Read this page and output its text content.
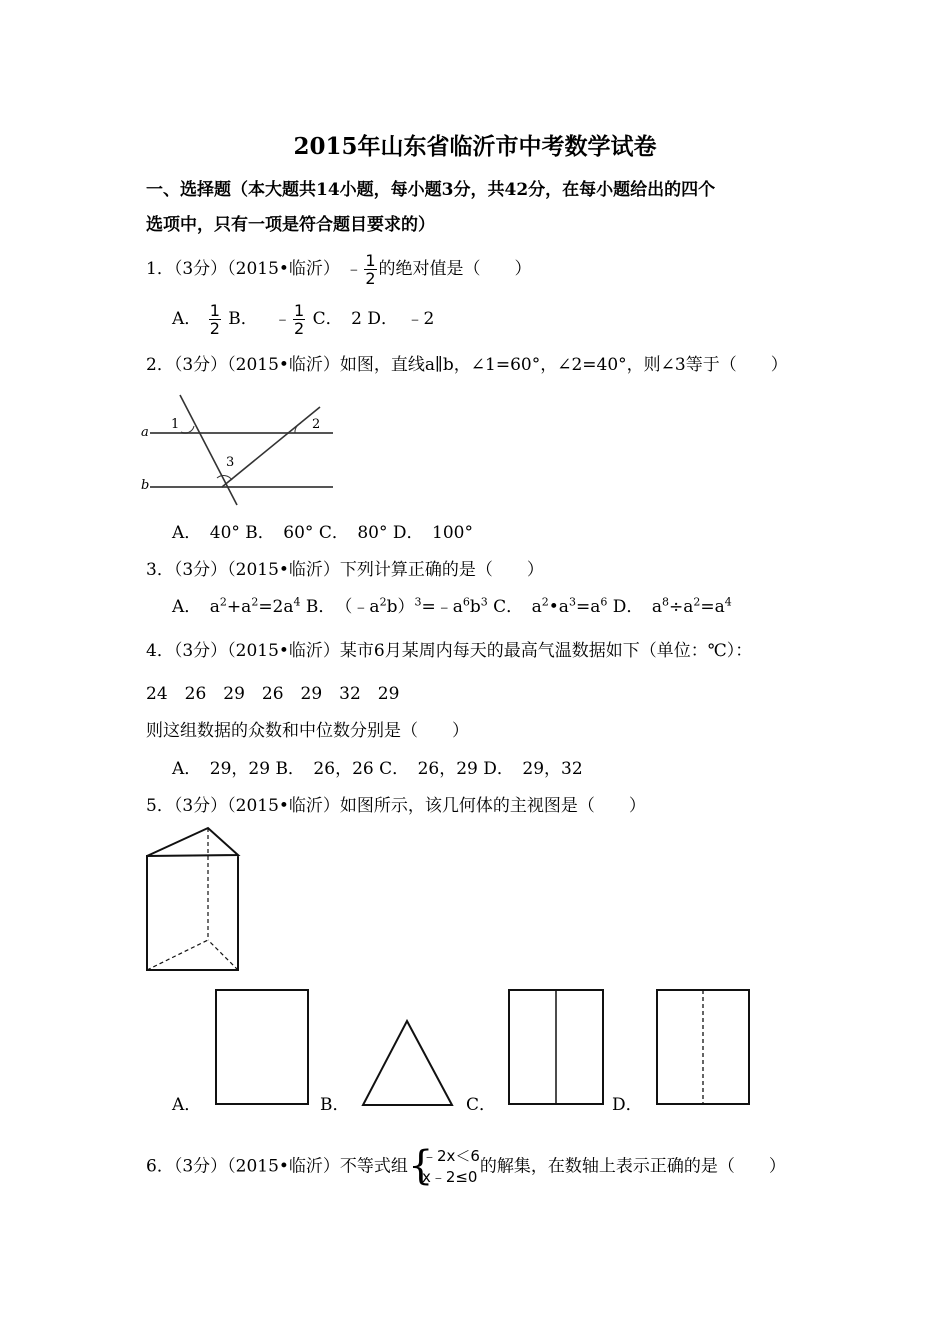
2015年山东省临沂市中考数学试卷
一、选择题（本大题共14小题，每小题3分，共42分，在每小题给出的四个
选项中，只有一项是符合题目要求的）
1．（3分）（2015•临沂） ﹣ $\frac{1}{2}$ 的绝对值是（　　）
A． $\frac{1}{2}$ B． ﹣ $\frac{1}{2}$ C．　2 D．　﹣2
2．（3分）（2015•临沂）如图，直线a∥b，∠1=60°，∠2=40°，则∠3等于（　　）
a
b
1	2
3
A．　40° B．　60° C．　80° D．　100°
3．（3分）（2015•临沂）下列计算正确的是（　　）
A．　$a^2+a^2=2a^4$ B．　$(﹣a^2b)^3=﹣a^6b^3$ C．　$a^2•a^3=a^6$ D．　$a^8\div a^2=a^4$
4．（3分）（2015•临沂）某市6月某周内每天的最高气温数据如下（单位：℃）：
24　26　29　26　29　32　29
则这组数据的众数和中位数分别是（　　）
A．　29，29 B．　26，26 C．　26，29 D．　29，32
5．（3分）（2015•临沂）如图所示，该几何体的主视图是（　　）
A．	B．	C．	D．
6．（3分）（2015•临沂）不等式组 {
﹣2x＜6
x﹣2≤0
的解集，在数轴上表示正确的是（　　）
